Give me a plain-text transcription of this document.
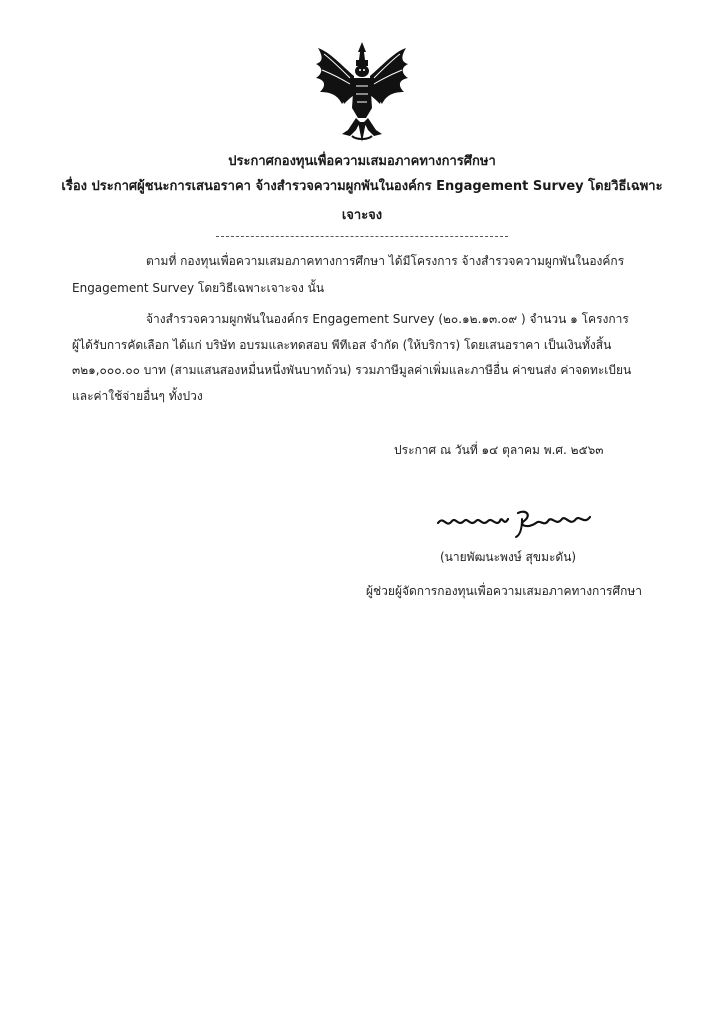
ประกาศกองทุนเพื่อความเสมอภาคทางการศึกษา
เรื่อง ประกาศผู้ชนะการเสนอราคา จ้างสำรวจความผูกพันในองค์กร Engagement Survey โดยวิธีเฉพาะ
เจาะจง
ตามที่ กองทุนเพื่อความเสมอภาคทางการศึกษา ได้มีโครงการ จ้างสำรวจความผูกพันในองค์กร
Engagement Survey โดยวิธีเฉพาะเจาะจง นั้น
จ้างสำรวจความผูกพันในองค์กร Engagement Survey (๒๐.๑๒.๑๓.๐๙ ) จำนวน ๑ โครงการ
ผู้ได้รับการคัดเลือก ได้แก่ บริษัท อบรมและทดสอบ พีทีเอส จำกัด (ให้บริการ) โดยเสนอราคา เป็นเงินทั้งสิ้น
๓๒๑,๐๐๐.๐๐ บาท (สามแสนสองหมื่นหนึ่งพันบาทถ้วน) รวมภาษีมูลค่าเพิ่มและภาษีอื่น ค่าขนส่ง ค่าจดทะเบียน
และค่าใช้จ่ายอื่นๆ ทั้งปวง
ประกาศ ณ วันที่ ๑๔ ตุลาคม พ.ศ. ๒๕๖๓
(นายพัฒนะพงษ์ สุขมะดัน)
ผู้ช่วยผู้จัดการกองทุนเพื่อความเสมอภาคทางการศึกษา
